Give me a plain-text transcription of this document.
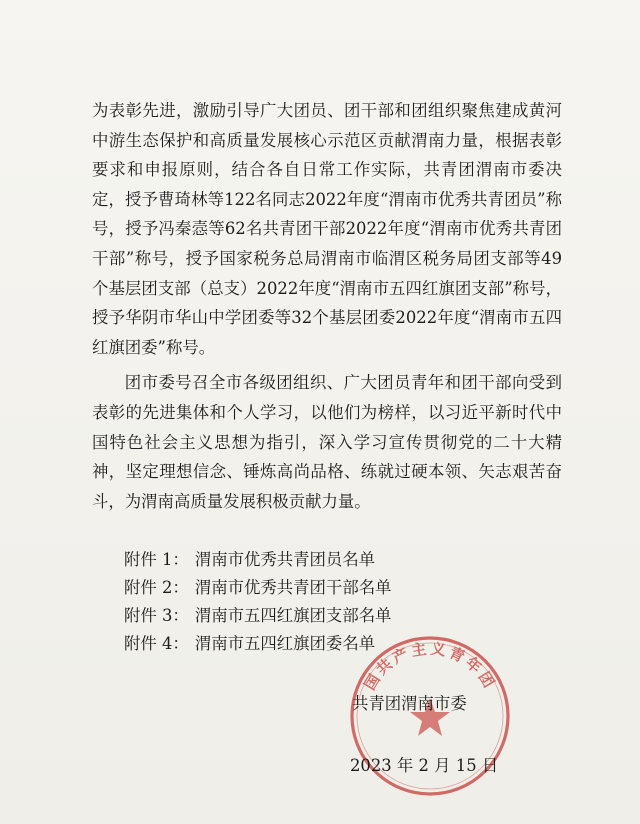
为表彰先进，激励引导广大团员、团干部和团组织聚焦建成黄河中游生态保护和高质量发展核心示范区贡献渭南力量，根据表彰要求和申报原则，结合各自日常工作实际，共青团渭南市委决定，授予曹琦林等122名同志2022年度“渭南市优秀共青团员”称号，授予冯秦悫等62名共青团干部2022年度“渭南市优秀共青团干部”称号，授予国家税务总局渭南市临渭区税务局团支部等49个基层团支部（总支）2022年度“渭南市五四红旗团支部”称号，授予华阴市华山中学团委等32个基层团委2022年度“渭南市五四红旗团委”称号。

团市委号召全市各级团组织、广大团员青年和团干部向受到表彰的先进集体和个人学习，以他们为榜样，以习近平新时代中国特色社会主义思想为指引，深入学习宣传贯彻党的二十大精神，坚定理想信念、锤炼高尚品格、练就过硬本领、矢志艰苦奋斗，为渭南高质量发展积极贡献力量。

附件 1： 渭南市优秀共青团员名单
附件 2： 渭南市优秀共青团干部名单
附件 3： 渭南市五四红旗团支部名单
附件 4： 渭南市五四红旗团委名单
国共产主义青年团
共青团渭南市委
2023 年 2 月 15 日
